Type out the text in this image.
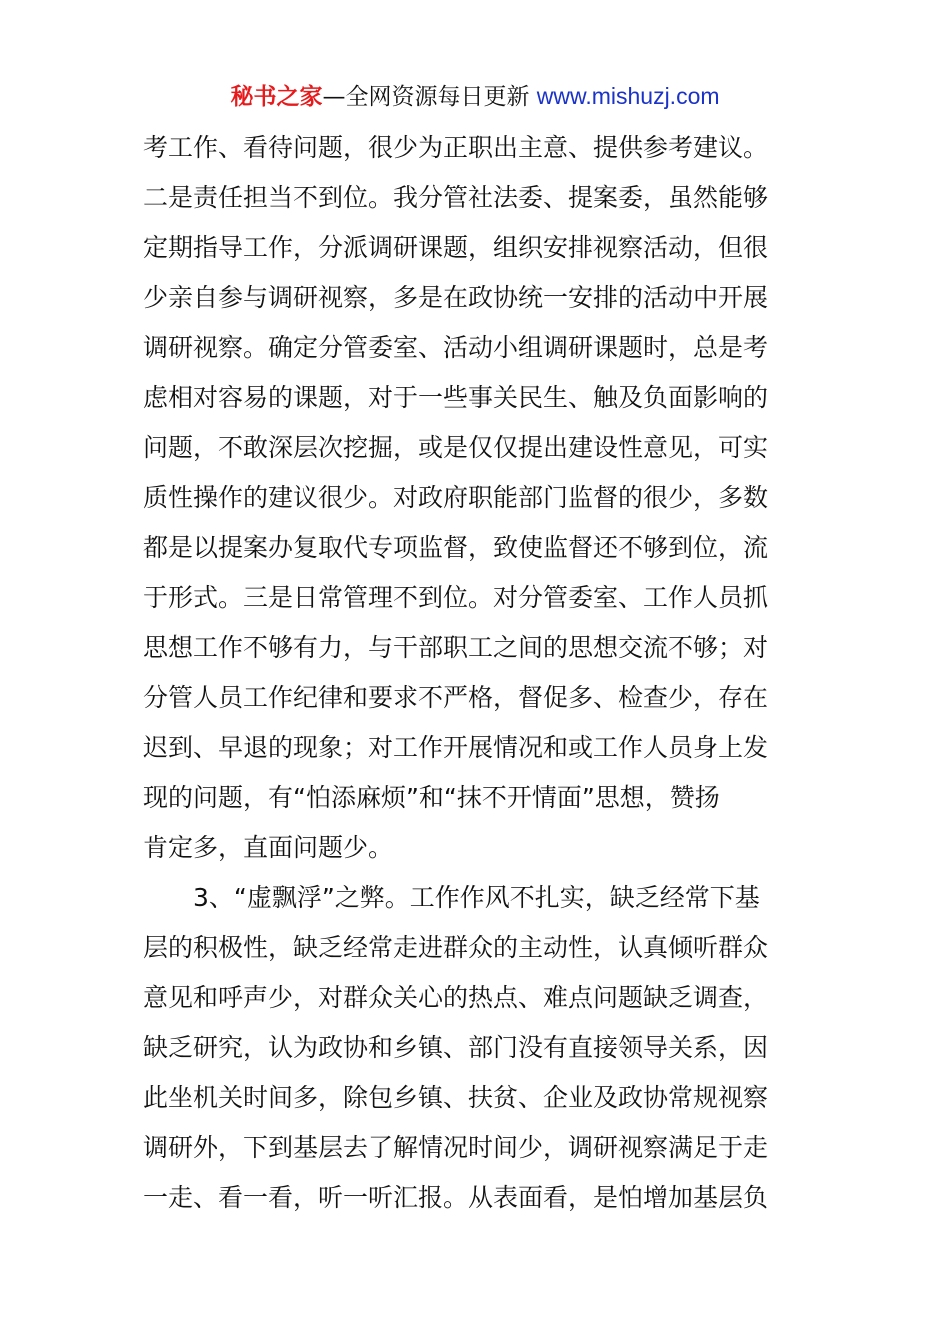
秘书之家—全网资源每日更新 www.mishuzj.com
考工作、看待问题，很少为正职出主意、提供参考建议。
二是责任担当不到位。我分管社法委、提案委，虽然能够
定期指导工作，分派调研课题，组织安排视察活动，但很
少亲自参与调研视察，多是在政协统一安排的活动中开展
调研视察。确定分管委室、活动小组调研课题时，总是考
虑相对容易的课题，对于一些事关民生、触及负面影响的
问题，不敢深层次挖掘，或是仅仅提出建设性意见，可实
质性操作的建议很少。对政府职能部门监督的很少，多数
都是以提案办复取代专项监督，致使监督还不够到位，流
于形式。三是日常管理不到位。对分管委室、工作人员抓
思想工作不够有力，与干部职工之间的思想交流不够；对
分管人员工作纪律和要求不严格，督促多、检查少，存在
迟到、早退的现象；对工作开展情况和或工作人员身上发
现的问题，有“怕添麻烦”和“抹不开情面”思想，赞扬
肯定多，直面问题少。
3、“虚飘浮”之弊。工作作风不扎实，缺乏经常下基
层的积极性，缺乏经常走进群众的主动性，认真倾听群众
意见和呼声少，对群众关心的热点、难点问题缺乏调查，
缺乏研究，认为政协和乡镇、部门没有直接领导关系，因
此坐机关时间多，除包乡镇、扶贫、企业及政协常规视察
调研外，下到基层去了解情况时间少，调研视察满足于走
一走、看一看，听一听汇报。从表面看，是怕增加基层负
